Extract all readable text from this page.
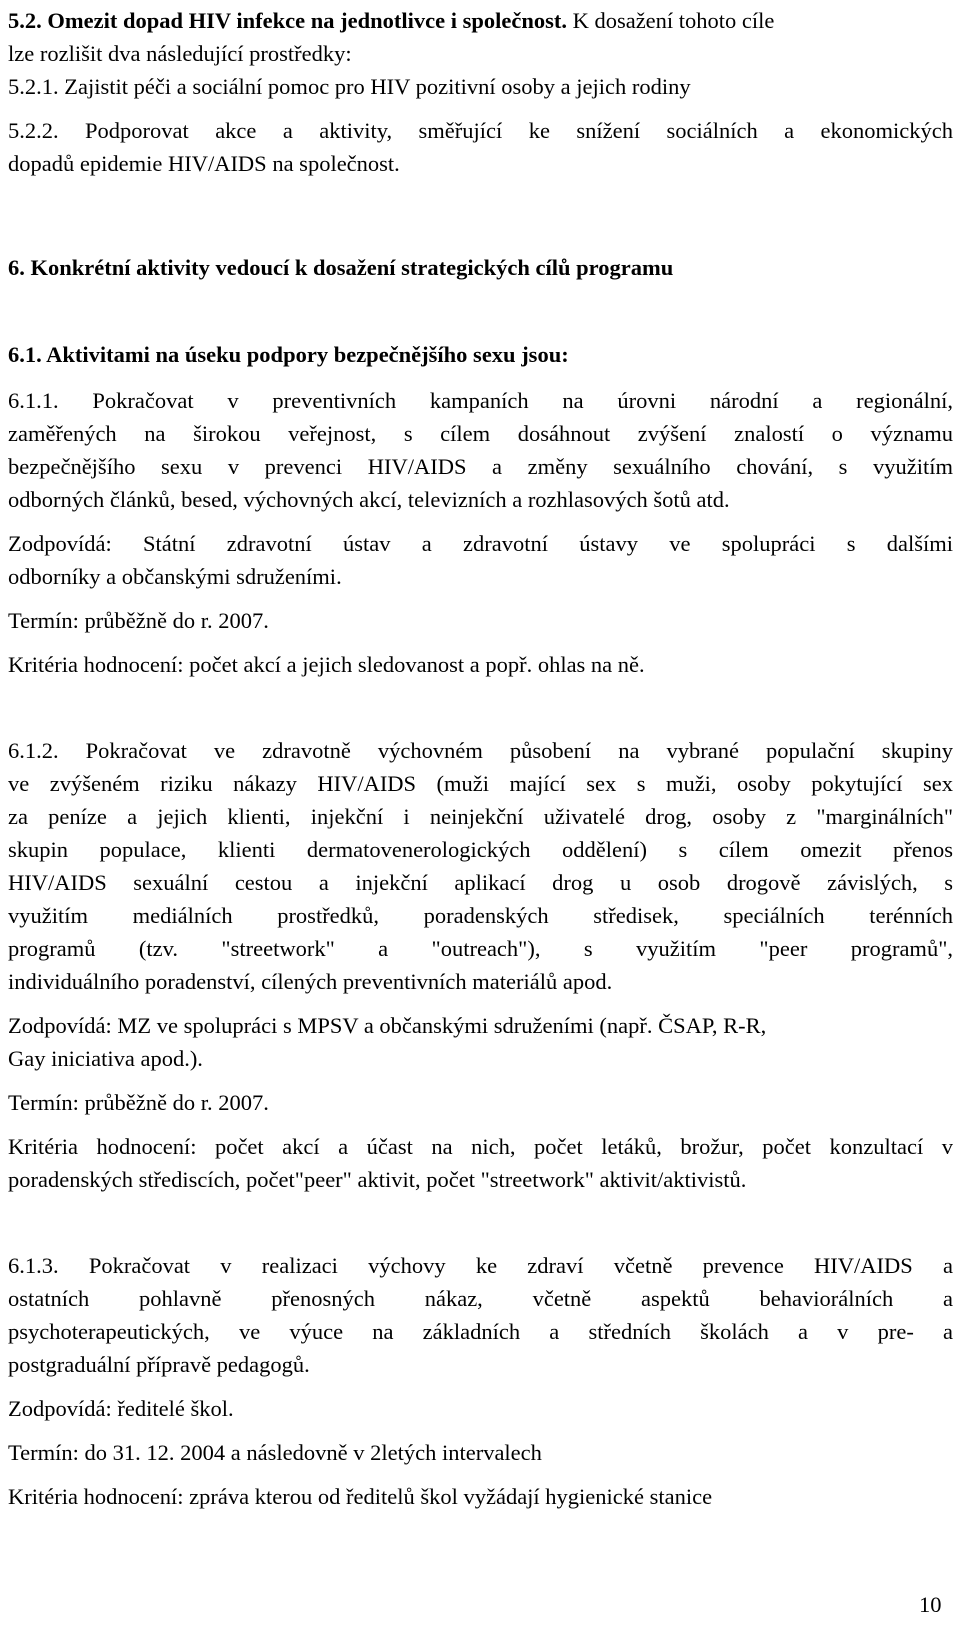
5.2. Omezit dopad HIV infekce na jednotlivce i společnost. K dosažení tohoto cíle
lze rozlišit dva následující prostředky:
5.2.1. Zajistit péči a sociální pomoc pro HIV pozitivní osoby a jejich rodiny
5.2.2. Podporovat akce a aktivity, směřující ke snížení sociálních a ekonomických
dopadů epidemie HIV/AIDS na společnost.
6. Konkrétní aktivity vedoucí k dosažení strategických cílů programu
6.1. Aktivitami na úseku podpory bezpečnějšího sexu jsou:
6.1.1. Pokračovat v preventivních kampaních na úrovni národní a regionální,
zaměřených na širokou veřejnost, s cílem dosáhnout zvýšení znalostí o významu
bezpečnějšího sexu v prevenci HIV/AIDS a změny sexuálního chování, s využitím
odborných článků, besed, výchovných akcí, televizních a rozhlasových šotů atd.
Zodpovídá: Státní zdravotní ústav a zdravotní ústavy ve spolupráci s dalšími
odborníky a občanskými sdruženími.
Termín: průběžně do r. 2007.
Kritéria hodnocení: počet akcí a jejich sledovanost a popř. ohlas na ně.
6.1.2. Pokračovat ve zdravotně výchovném působení na vybrané populační skupiny
ve zvýšeném riziku nákazy HIV/AIDS (muži mající sex s muži, osoby pokytující sex
za peníze a jejich klienti, injekční i neinjekční uživatelé drog, osoby z "marginálních"
skupin populace, klienti dermatovenerologických oddělení) s cílem omezit přenos
HIV/AIDS sexuální cestou a injekční aplikací drog u osob drogově závislých, s
využitím mediálních prostředků, poradenských středisek, speciálních terénních
programů (tzv. "streetwork" a "outreach"), s využitím "peer programů",
individuálního poradenství, cílených preventivních materiálů apod.
Zodpovídá: MZ ve spolupráci s MPSV a občanskými sdruženími (např. ČSAP, R-R,
Gay iniciativa apod.).
Termín: průběžně do r. 2007.
Kritéria hodnocení: počet akcí a účast na nich, počet letáků, brožur, počet konzultací v
poradenských střediscích, počet"peer" aktivit, počet "streetwork" aktivit/aktivistů.
6.1.3. Pokračovat v realizaci výchovy ke zdraví včetně prevence HIV/AIDS a
ostatních pohlavně přenosných nákaz, včetně aspektů behaviorálních a
psychoterapeutických, ve výuce na základních a středních školách a v pre- a
postgraduální přípravě pedagogů.
Zodpovídá: ředitelé škol.
Termín: do 31. 12. 2004 a následovně v 2letých intervalech
Kritéria hodnocení: zpráva kterou od ředitelů škol vyžádají hygienické stanice
10
